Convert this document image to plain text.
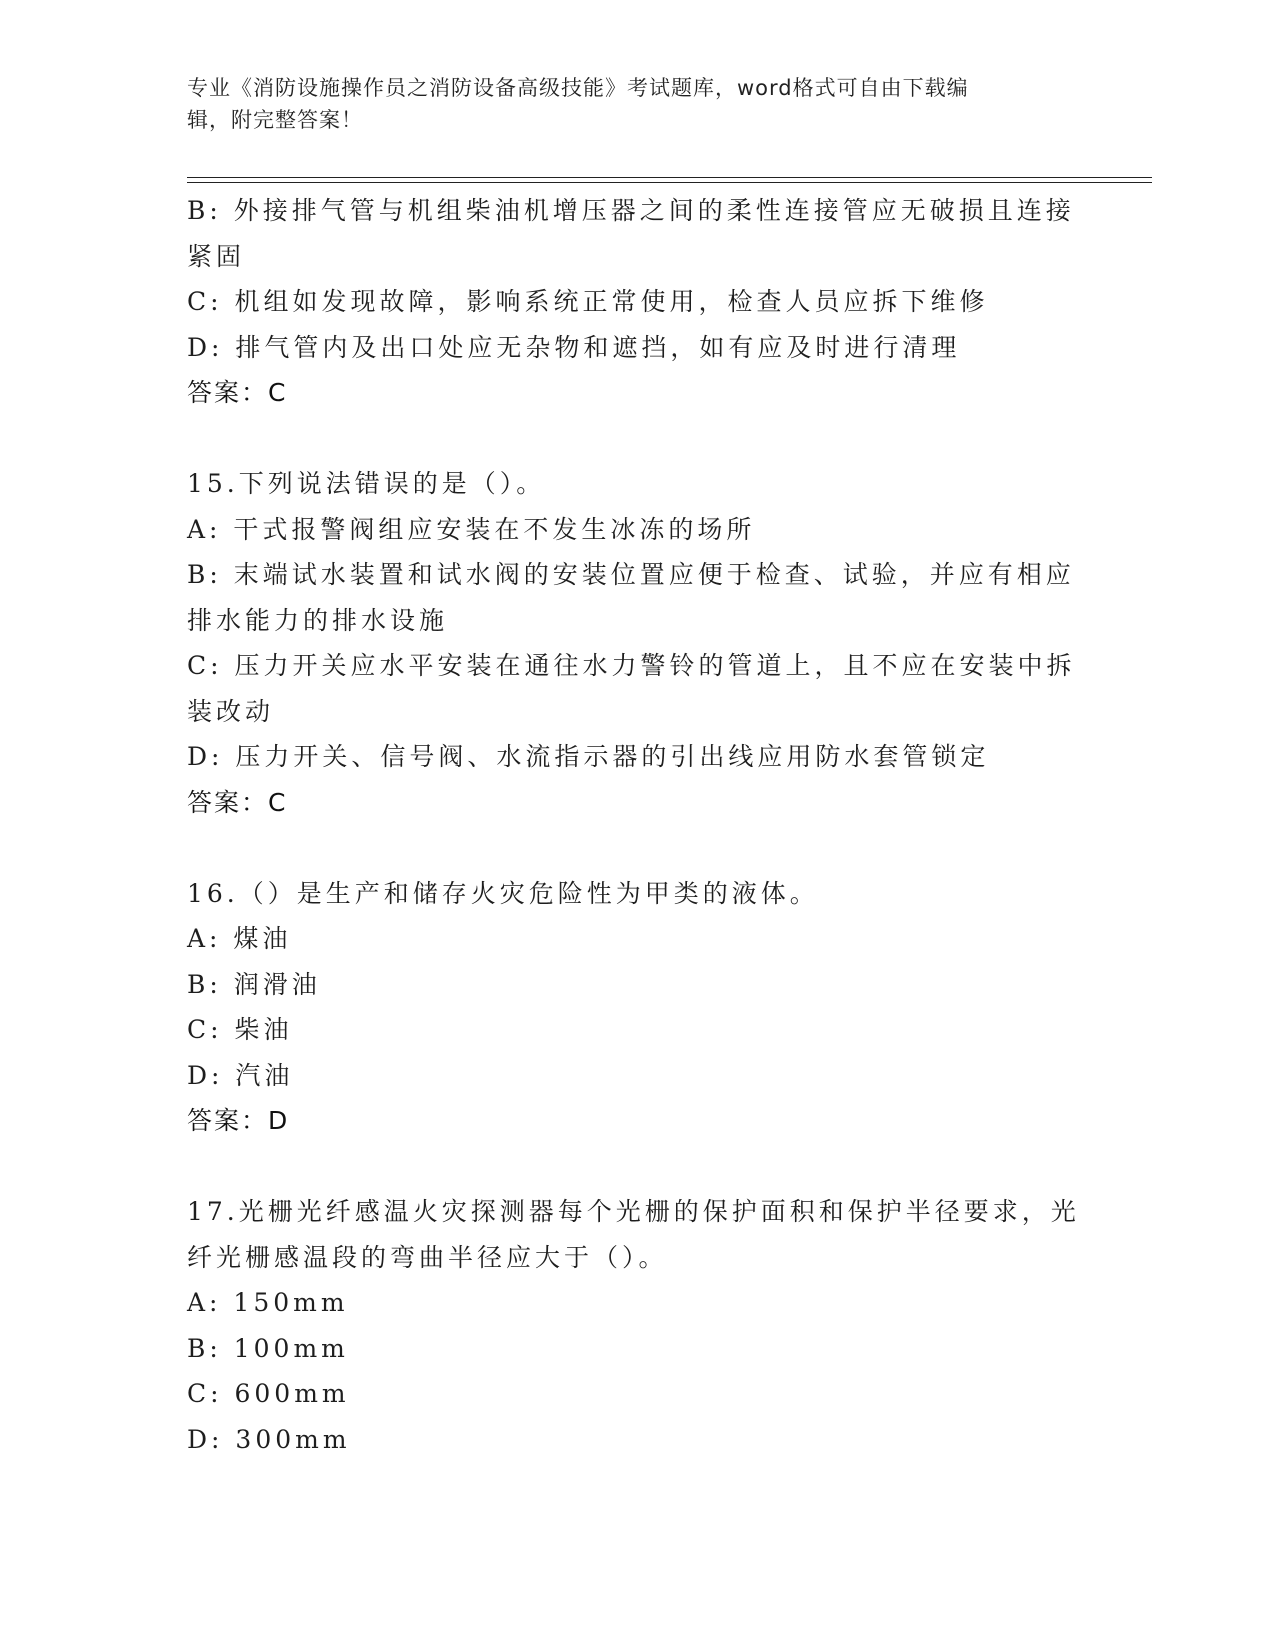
专业《消防设施操作员之消防设备高级技能》考试题库，word格式可自由下载编
辑，附完整答案！
B: 外接排气管与机组柴油机增压器之间的柔性连接管应无破损且连接
紧固
C: 机组如发现故障，影响系统正常使用，检查人员应拆下维修
D: 排气管内及出口处应无杂物和遮挡，如有应及时进行清理
答案：C
15.下列说法错误的是（）。
A: 干式报警阀组应安装在不发生冰冻的场所
B: 末端试水装置和试水阀的安装位置应便于检查、试验，并应有相应
排水能力的排水设施
C: 压力开关应水平安装在通往水力警铃的管道上，且不应在安装中拆
装改动
D: 压力开关、信号阀、水流指示器的引出线应用防水套管锁定
答案：C
16.（）是生产和储存火灾危险性为甲类的液体。
A: 煤油
B: 润滑油
C: 柴油
D: 汽油
答案：D
17.光栅光纤感温火灾探测器每个光栅的保护面积和保护半径要求，光
纤光栅感温段的弯曲半径应大于（）。
A: 150mm
B: 100mm
C: 600mm
D: 300mm
